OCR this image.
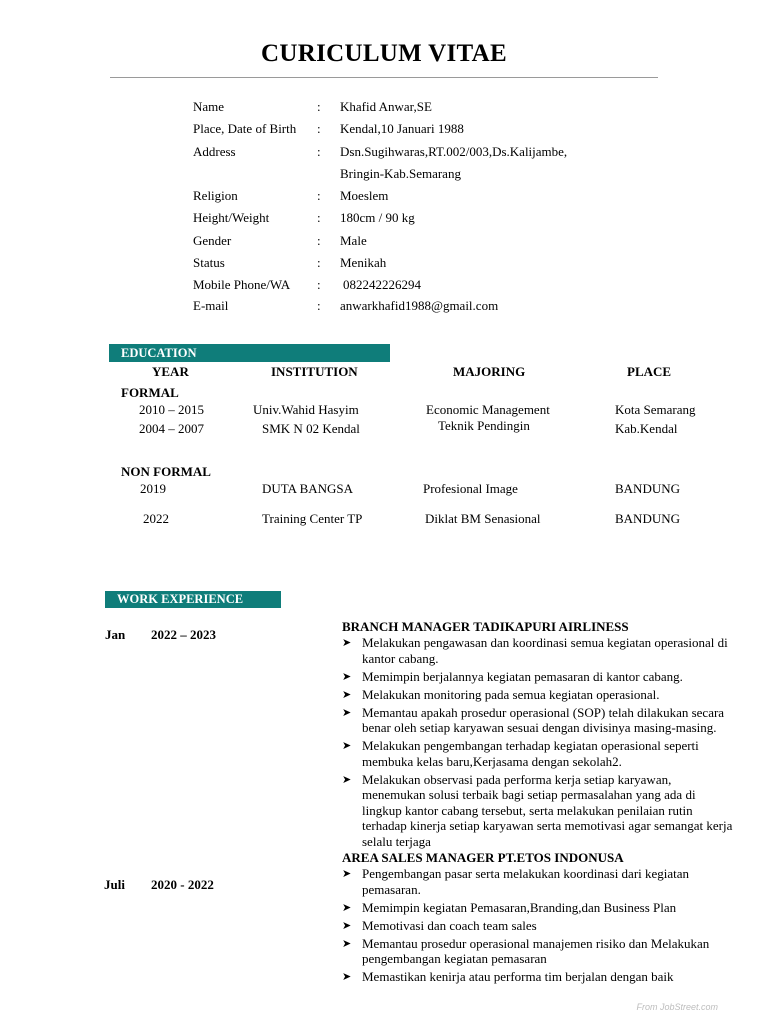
CURICULUM VITAE
Name	: Khafid Anwar,SE
Place, Date of Birth : Kendal,10 Januari 1988
Address	: Dsn.Sugihwaras,RT.002/003,Ds.Kalijambe,
Bringin-Kab.Semarang
Religion	: Moeslem
Height/Weight	: 180cm / 90 kg
Gender	: Male
Status	: Menikah
Mobile Phone/WA : 082242226294
E-mail	: anwarkhafid1988@gmail.com
EDUCATION
YEAR	INSTITUTION	MAJORING	PLACE
FORMAL
2010 – 2015	Univ.Wahid Hasyim	Economic Management	Kota Semarang
2004 – 2007	SMK N 02 Kendal	Teknik Pendingin	Kab.Kendal
NON FORMAL
2019	DUTA BANGSA	Profesional Image	BANDUNG
2022	Training Center TP	Diklat BM Senasional	BANDUNG
WORK EXPERIENCE
Jan 2022 – 2023
BRANCH MANAGER TADIKAPURI AIRLINESS
➤ Melakukan pengawasan dan koordinasi semua kegiatan operasional di kantor cabang.
➤ Memimpin berjalannya kegiatan pemasaran di kantor cabang.
➤ Melakukan monitoring pada semua kegiatan operasional.
➤ Memantau apakah prosedur operasional (SOP) telah dilakukan secara benar oleh setiap karyawan sesuai dengan divisinya masing-masing.
➤ Melakukan pengembangan terhadap kegiatan operasional seperti membuka kelas baru,Kerjasama dengan sekolah2.
➤ Melakukan observasi pada performa kerja setiap karyawan, menemukan solusi terbaik bagi setiap permasalahan yang ada di lingkup kantor cabang tersebut, serta melakukan penilaian rutin terhadap kinerja setiap karyawan serta memotivasi agar semangat kerja selalu terjaga
Juli 2020 - 2022
AREA SALES MANAGER PT.ETOS INDONUSA
➤ Pengembangan pasar serta melakukan koordinasi dari kegiatan pemasaran.
➤ Memimpin kegiatan Pemasaran,Branding,dan Business Plan
➤ Memotivasi dan coach team sales
➤ Memantau prosedur operasional manajemen risiko dan Melakukan pengembangan kegiatan pemasaran
➤ Memastikan kenirja atau performa tim berjalan dengan baik
From JobStreet.com
